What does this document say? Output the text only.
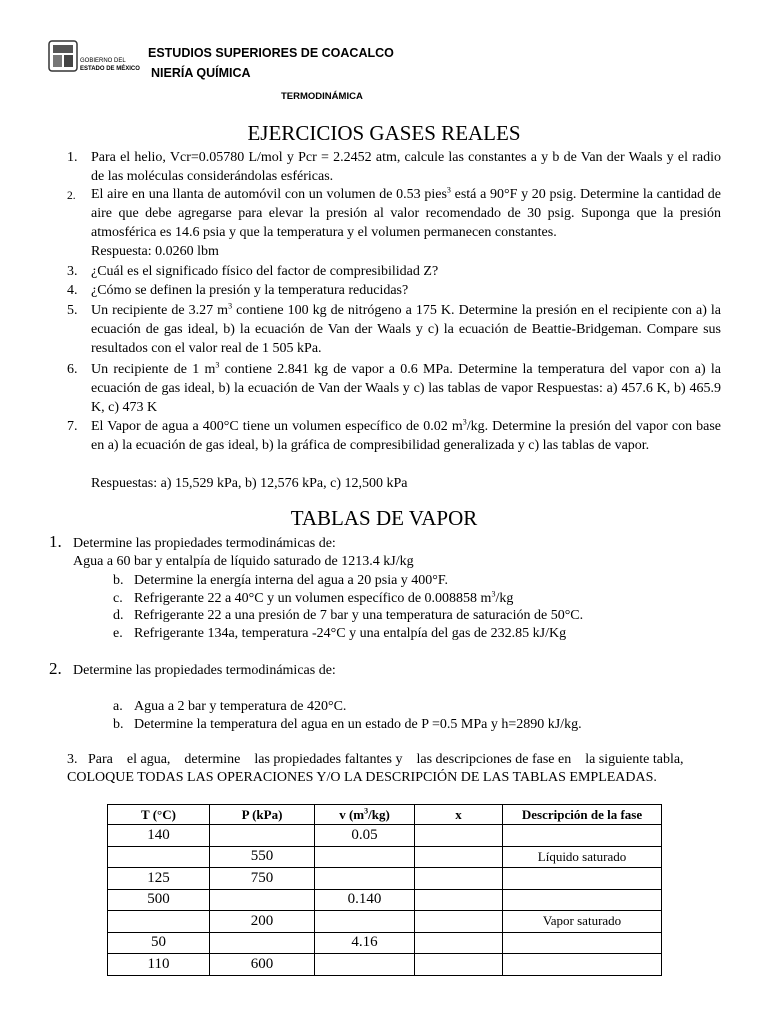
GOBIERNO DEL
ESTADO DE MÉXICO
ESTUDIOS SUPERIORES DE COACALCO
NIERÍA QUÍMICA
TERMODINÁMICA
EJERCICIOS GASES REALES
1. Para el helio, Vcr=0.05780 L/mol y Pcr = 2.2452 atm, calcule las constantes a y b de Van der Waals y el radio de las moléculas considerándolas esféricas.
2. El aire en una llanta de automóvil con un volumen de 0.53 pies$^3$ está a 90°F y 20 psig. Determine la cantidad de aire que debe agregarse para elevar la presión al valor recomendado de 30 psig. Suponga que la presión atmosférica es 14.6 psia y que la temperatura y el volumen permanecen constantes.
Respuesta: 0.0260 lbm
3. ¿Cuál es el significado físico del factor de compresibilidad Z?
4. ¿Cómo se definen la presión y la temperatura reducidas?
5. Un recipiente de 3.27 $m^3$ contiene 100 kg de nitrógeno a 175 K. Determine la presión en el recipiente con a) la ecuación de gas ideal, b) la ecuación de Van der Waals y c) la ecuación de Beattie-Bridgeman. Compare sus resultados con el valor real de 1 505 kPa.
6. Un recipiente de 1 $m^3$ contiene 2.841 kg de vapor a 0.6 MPa. Determine la temperatura del vapor con a) la ecuación de gas ideal, b) la ecuación de Van der Waals y c) las tablas de vapor Respuestas: a) 457.6 K, b) 465.9 K, c) 473 K
7. El Vapor de agua a 400°C tiene un volumen específico de 0.02 $m^3/kg$. Determine la presión del vapor con base en a) la ecuación de gas ideal, b) la gráfica de compresibilidad generalizada y c) las tablas de vapor.
Respuestas: a) 15,529 kPa, b) 12,576 kPa, c) 12,500 kPa
TABLAS DE VAPOR
1. Determine las propiedades termodinámicas de:
Agua a 60 bar y entalpía de líquido saturado de 1213.4 kJ/kg
b. Determine la energía interna del agua a 20 psia y 400°F.
c. Refrigerante 22 a 40°C y un volumen específico de 0.008858 $m^3/kg$
d. Refrigerante 22 a una presión de 7 bar y una temperatura de saturación de 50°C.
e. Refrigerante 134a, temperatura -24°C y una entalpía del gas de 232.85 kJ/Kg
2. Determine las propiedades termodinámicas de:
a. Agua a 2 bar y temperatura de 420°C.
b. Determine la temperatura del agua en un estado de P =0.5 MPa y h=2890 kJ/kg.
3.   Para    el agua,    determine    las propiedades faltantes y    las descripciones de fase en    la siguiente tabla,
COLOQUE TODAS LAS OPERACIONES Y/O LA DESCRIPCIÓN DE LAS TABLAS EMPLEADAS.
T (°C)	P (kPa)	v $(m^3/kg)$	x	Descripción de la fase
140		0.05		
	550			Líquido saturado
125	750			
500		0.140		
	200			Vapor saturado
50		4.16		
110	600			
